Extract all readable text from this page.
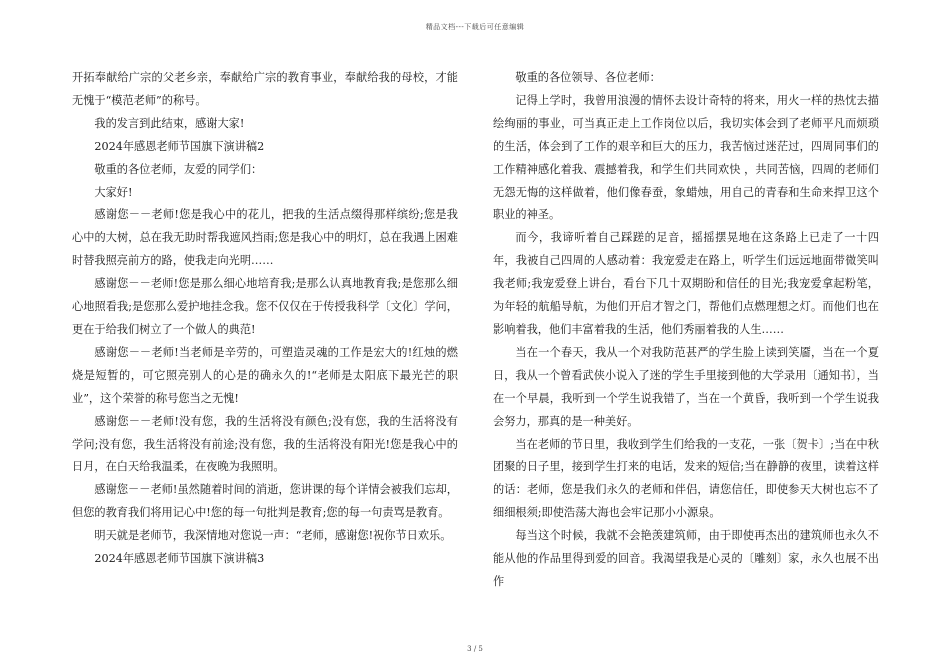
精品文档---下载后可任意编辑

开拓奉献给广宗的父老乡亲，奉献给广宗的教育事业，奉献给我的母校，才能无愧于“模范老师”的称号。

我的发言到此结束，感谢大家!

2024年感恩老师节国旗下演讲稿2

敬重的各位老师，友爱的同学们：

大家好!

感谢您－－老师!您是我心中的花儿，把我的生活点缀得那样缤纷;您是我心中的大树，总在我无助时帮我遮风挡雨;您是我心中的明灯，总在我遇上困难时替我照亮前方的路，使我走向光明……

感谢您－－老师!您是那么细心地培育我;是那么认真地教育我;是您那么细心地照看我;是您那么爱护地挂念我。您不仅仅在于传授我科学〔文化〕学问，更在于给我们树立了一个做人的典范!

感谢您－－老师!当老师是辛劳的，可塑造灵魂的工作是宏大的!红烛的燃烧是短暂的，可它照亮别人的心是的确永久的!“老师是太阳底下最光芒的职业”，这个荣誉的称号您当之无愧!

感谢您－－老师!没有您，我的生活将没有颜色;没有您，我的生活将没有学问;没有您，我生活将没有前途;没有您，我的生活将没有阳光!您是我心中的日月，在白天给我温柔，在夜晚为我照明。

感谢您－－老师!虽然随着时间的消逝，您讲课的每个详情会被我们忘却，但您的教育我们将用记心中!您的每一句批判是教育;您的每一句责骂是教育。

明天就是老师节，我深情地对您说一声：“老师，感谢您!祝你节日欢乐。

2024年感恩老师节国旗下演讲稿3

敬重的各位领导、各位老师：

记得上学时，我曾用浪漫的情怀去设计奇特的将来，用火一样的热忱去描绘绚丽的事业，可当真正走上工作岗位以后，我切实体会到了老师平凡而烦琐的生活，体会到了工作的艰辛和巨大的压力，我苦恼过迷茫过，四周同事们的工作精神感化着我、震撼着我，和学生们共同欢快 ，共同苦恼，四周的老师们无怨无悔的这样做着，他们像春蚕，象蜡烛，用自己的青春和生命来捍卫这个职业的神圣。

而今，我谛听着自己踩蹉的足音，摇摇摆晃地在这条路上已走了一十四年，我被自己四周的人感动着：我宠爱走在路上，听学生们远远地面带微笑叫我老师;我宠爱登上讲台，看台下几十双期盼和信任的目光;我宠爱拿起粉笔，为年轻的航船导航，为他们开启才智之门，帮他们点燃理想之灯。而他们也在影响着我，他们丰富着我的生活，他们秀丽着我的人生……

当在一个春天，我从一个对我防范甚严的学生脸上读到笑靥，当在一个夏日，我从一个曾看武侠小说入了迷的学生手里接到他的大学录用〔通知书〕，当在一个早晨，我听到一个学生说我错了，当在一个黄昏，我听到一个学生说我会努力，那真的是一种美好。

当在老师的节日里，我收到学生们给我的一支花，一张〔贺卡〕;当在中秋团聚的日子里，接到学生打来的电话，发来的短信;当在静静的夜里，读着这样的话：老师，您是我们永久的老师和伴侣，请您信任，即使参天大树也忘不了细细根须;即使浩荡大海也会牢记那小小源泉。

每当这个时候，我就不会艳羡建筑师，由于即使再杰出的建筑师也永久不能从他的作品里得到爱的回音。我渴望我是心灵的〔雕刻〕家，永久也展不出作

3 / 5
